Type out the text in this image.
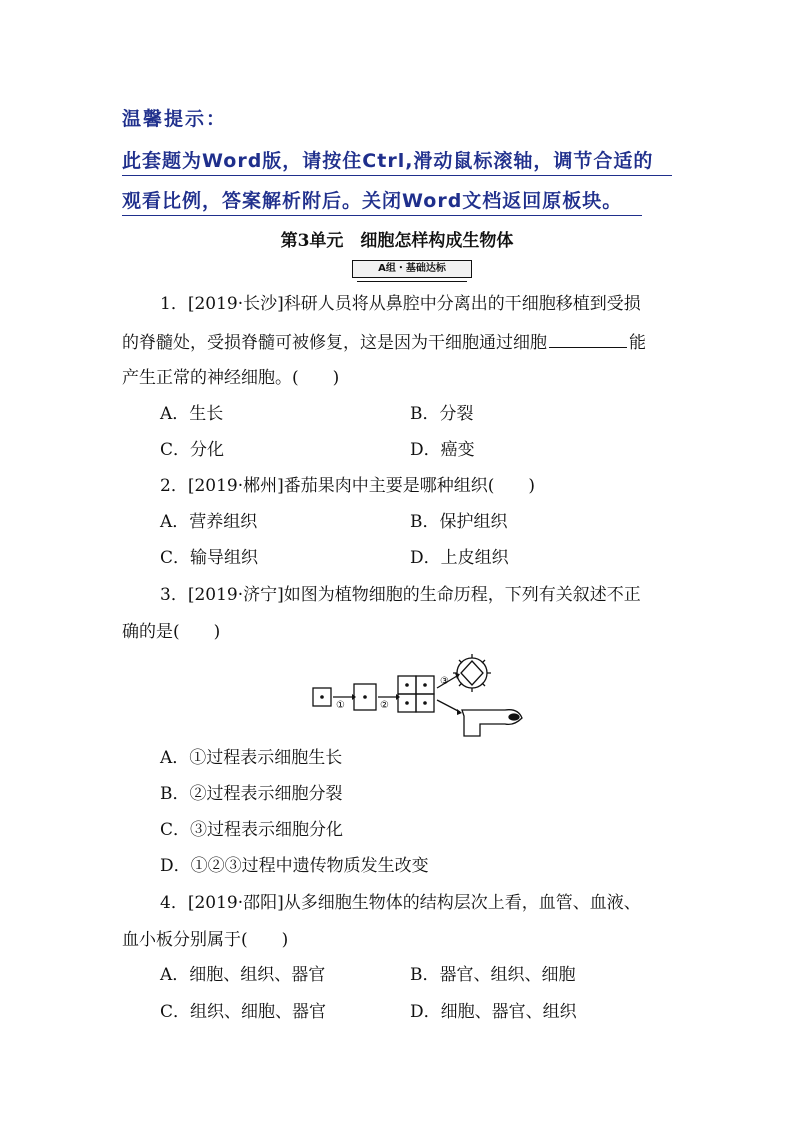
温馨提示：
此套题为Word版，请按住Ctrl,滑动鼠标滚轴，调节合适的
观看比例，答案解析附后。关闭Word文档返回原板块。
第3单元　细胞怎样构成生物体
A组・基础达标
1．[2019·长沙]科研人员将从鼻腔中分离出的干细胞移植到受损
的脊髓处，受损脊髓可被修复，这是因为干细胞通过细胞	能
产生正常的神经细胞。(　　)
A．生长	B．分裂
C．分化	D．癌变
2．[2019·郴州]番茄果肉中主要是哪种组织(　　)
A．营养组织	B．保护组织
C．输导组织	D．上皮组织
3．[2019·济宁]如图为植物细胞的生命历程，下列有关叙述不正
确的是(　　)
①	②
③
A．①过程表示细胞生长
B．②过程表示细胞分裂
C．③过程表示细胞分化
D．①②③过程中遗传物质发生改变
4．[2019·邵阳]从多细胞生物体的结构层次上看，血管、血液、
血小板分别属于(　　)
A．细胞、组织、器官	B．器官、组织、细胞
C．组织、细胞、器官	D．细胞、器官、组织
